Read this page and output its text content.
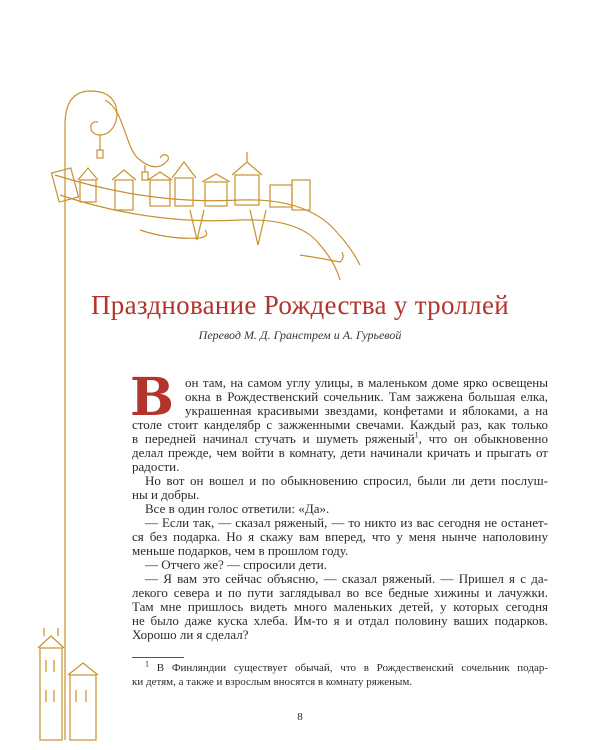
Празднование Рождества у троллей
Перевод М. Д. Гранстрем и А. Гурьевой
В он там, на самом углу улицы, в маленьком доме ярко освещены
окна в Рождественский сочельник. Там зажжена большая елка,
украшенная красивыми звездами, конфетами и яблоками, а на
столе стоит канделябр с зажженными свечами. Каждый раз, как только
в передней начинал стучать и шуметь ряженый$^1$, что он обыкновенно
делал прежде, чем войти в комнату, дети начинали кричать и прыгать от
радости.
Но вот он вошел и по обыкновению спросил, были ли дети послуш-
ны и добры.
Все в один голос ответили: «Да».
— Если так, — сказал ряженый, — то никто из вас сегодня не останет-
ся без подарка. Но я скажу вам вперед, что у меня нынче наполовину
меньше подарков, чем в прошлом году.
— Отчего же? — спросили дети.
— Я вам это сейчас объясню, — сказал ряженый. — Пришел я с да-
лекого севера и по пути заглядывал во все бедные хижины и лачужки.
Там мне пришлось видеть много маленьких детей, у которых сегодня
не было даже куска хлеба. Им-то я и отдал половину ваших подарков.
Хорошо ли я сделал?
$^1$ В Финляндии существует обычай, что в Рождественский сочельник подар-
ки детям, а также и взрослым вносятся в комнату ряженым.
8
